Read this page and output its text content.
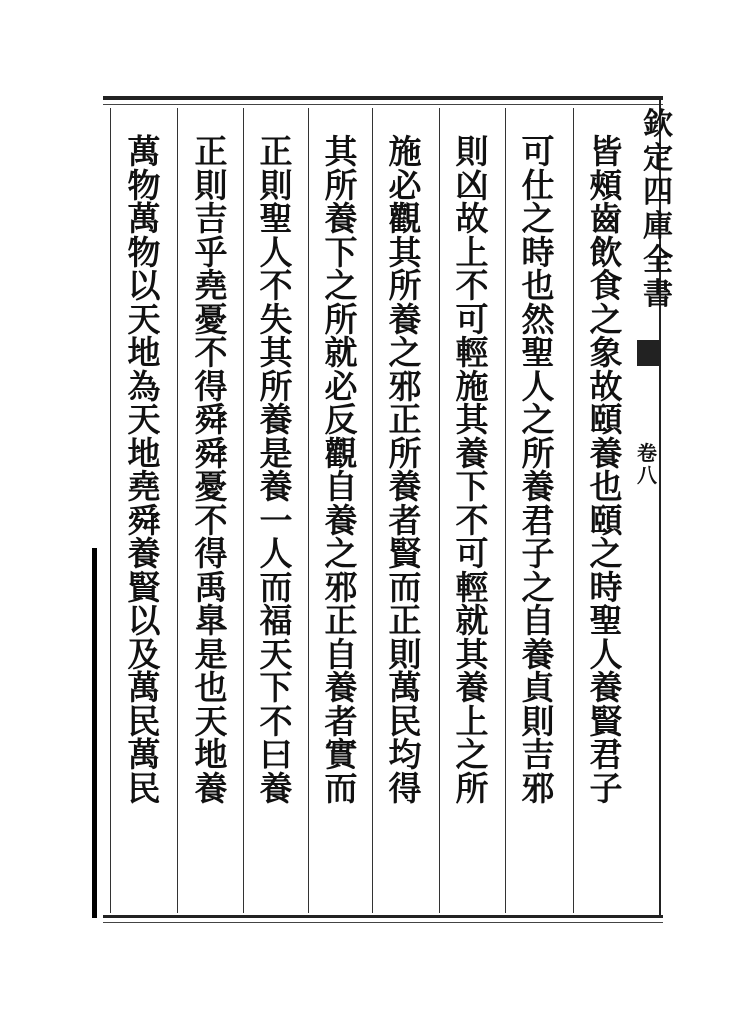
欽
定
四
庫
全
書
卷
八
皆
頰
齒
飲
食
之
象
故
頤
養
也
頤
之
時
聖
人
養
賢
君
子
可
仕
之
時
也
然
聖
人
之
所
養
君
子
之
自
養
貞
則
吉
邪
則
凶
故
上
不
可
輕
施
其
養
下
不
可
輕
就
其
養
上
之
所
施
必
觀
其
所
養
之
邪
正
所
養
者
賢
而
正
則
萬
民
均
得
其
所
養
下
之
所
就
必
反
觀
自
養
之
邪
正
自
養
者
實
而
正
則
聖
人
不
失
其
所
養
是
養
一
人
而
福
天
下
不
曰
養
正
則
吉
乎
堯
憂
不
得
舜
舜
憂
不
得
禹
臯
是
也
天
地
養
萬
物
萬
物
以
天
地
為
天
地
堯
舜
養
賢
以
及
萬
民
萬
民
